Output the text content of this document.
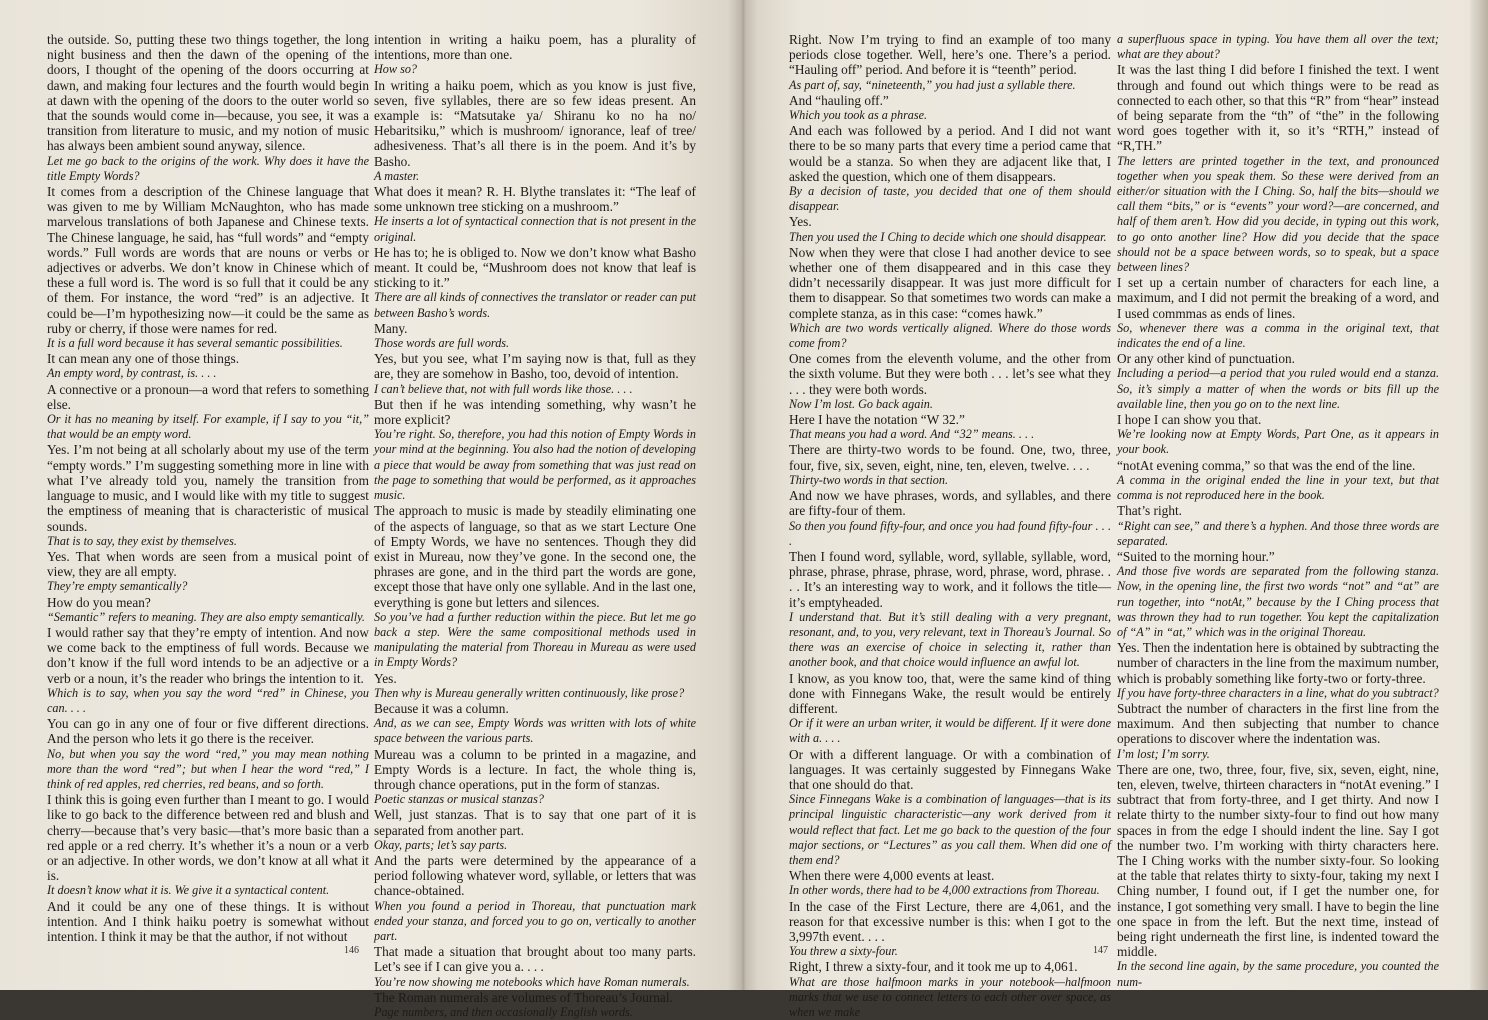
the outside. So, putting these two things together, the long night business and then the dawn of the opening of the doors, I thought of the opening of the doors occurring at dawn, and making four lectures and the fourth would begin at dawn with the opening of the doors to the outer world so that the sounds would come in—because, you see, it was a transition from literature to music, and my notion of music has always been ambient sound anyway, silence.

Let me go back to the origins of the work. Why does it have the title Empty Words?

It comes from a description of the Chinese language that was given to me by William McNaughton, who has made marvelous translations of both Japanese and Chinese texts. The Chinese language, he said, has “full words” and “empty words.” Full words are words that are nouns or verbs or adjectives or adverbs. We don’t know in Chinese which of these a full word is. The word is so full that it could be any of them. For instance, the word “red” is an adjective. It could be—I’m hypothesizing now—it could be the same as ruby or cherry, if those were names for red.

It is a full word because it has several semantic possibilities.

It can mean any one of those things.

An empty word, by contrast, is. . . .

A connective or a pronoun—a word that refers to something else.

Or it has no meaning by itself. For example, if I say to you “it,” that would be an empty word.

Yes. I’m not being at all scholarly about my use of the term “empty words.” I’m suggesting something more in line with what I’ve already told you, namely the transition from language to music, and I would like with my title to suggest the emptiness of meaning that is characteristic of musical sounds.

That is to say, they exist by themselves.

Yes. That when words are seen from a musical point of view, they are all empty.

They’re empty semantically?

How do you mean?

“Semantic” refers to meaning. They are also empty semantically.

I would rather say that they’re empty of intention. And now we come back to the emptiness of full words. Because we don’t know if the full word intends to be an adjective or a verb or a noun, it’s the reader who brings the intention to it.

Which is to say, when you say the word “red” in Chinese, you can. . . .

You can go in any one of four or five different directions. And the person who lets it go there is the receiver.

No, but when you say the word “red,” you may mean nothing more than the word “red”; but when I hear the word “red,” I think of red apples, red cherries, red beans, and so forth.

I think this is going even further than I meant to go. I would like to go back to the difference between red and blush and cherry—because that’s very basic—that’s more basic than a red apple or a red cherry. It’s whether it’s a noun or a verb or an adjective. In other words, we don’t know at all what it is.

It doesn’t know what it is. We give it a syntactical content.

And it could be any one of these things. It is without intention. And I think haiku poetry is somewhat without intention. I think it may be that the author, if not without

intention in writing a haiku poem, has a plurality of intentions, more than one.

How so?

In writing a haiku poem, which as you know is just five, seven, five syllables, there are so few ideas present. An example is: “Matsutake ya/ Shiranu ko no ha no/ Hebaritsiku,” which is mushroom/ ignorance, leaf of tree/ adhesiveness. That’s all there is in the poem. And it’s by Basho.

A master.

What does it mean? R. H. Blythe translates it: “The leaf of some unknown tree sticking on a mushroom.”

He inserts a lot of syntactical connection that is not present in the original.

He has to; he is obliged to. Now we don’t know what Basho meant. It could be, “Mushroom does not know that leaf is sticking to it.”

There are all kinds of connectives the translator or reader can put between Basho’s words.

Many.

Those words are full words.

Yes, but you see, what I’m saying now is that, full as they are, they are somehow in Basho, too, devoid of intention.

I can’t believe that, not with full words like those. . . .

But then if he was intending something, why wasn’t he more explicit?

You’re right. So, therefore, you had this notion of Empty Words in your mind at the beginning. You also had the notion of developing a piece that would be away from something that was just read on the page to something that would be performed, as it approaches music.

The approach to music is made by steadily eliminating one of the aspects of language, so that as we start Lecture One of Empty Words, we have no sentences. Though they did exist in Mureau, now they’ve gone. In the second one, the phrases are gone, and in the third part the words are gone, except those that have only one syllable. And in the last one, everything is gone but letters and silences.

So you’ve had a further reduction within the piece. But let me go back a step. Were the same compositional methods used in manipulating the material from Thoreau in Mureau as were used in Empty Words?

Yes.

Then why is Mureau generally written continuously, like prose?

Because it was a column.

And, as we can see, Empty Words was written with lots of white space between the various parts.

Mureau was a column to be printed in a magazine, and Empty Words is a lecture. In fact, the whole thing is, through chance operations, put in the form of stanzas.

Poetic stanzas or musical stanzas?

Well, just stanzas. That is to say that one part of it is separated from another part.

Okay, parts; let’s say parts.

And the parts were determined by the appearance of a period following whatever word, syllable, or letters that was chance-obtained.

When you found a period in Thoreau, that punctuation mark ended your stanza, and forced you to go on, vertically to another part.

That made a situation that brought about too many parts. Let’s see if I can give you a. . . .

You’re now showing me notebooks which have Roman numerals.

The Roman numerals are volumes of Thoreau’s Journal.

Page numbers, and then occasionally English words.

146

Right. Now I’m trying to find an example of too many periods close together. Well, here’s one. There’s a period. “Hauling off” period. And before it is “teenth” period.

As part of, say, “nineteenth,” you had just a syllable there.

And “hauling off.”

Which you took as a phrase.

And each was followed by a period. And I did not want there to be so many parts that every time a period came that would be a stanza. So when they are adjacent like that, I asked the question, which one of them disappears.

By a decision of taste, you decided that one of them should disappear.

Yes.

Then you used the I Ching to decide which one should disappear.

Now when they were that close I had another device to see whether one of them disappeared and in this case they didn’t necessarily disappear. It was just more difficult for them to disappear. So that sometimes two words can make a complete stanza, as in this case: “comes hawk.”

Which are two words vertically aligned. Where do those words come from?

One comes from the eleventh volume, and the other from the sixth volume. But they were both . . . let’s see what they . . . they were both words.

Now I’m lost. Go back again.

Here I have the notation “W 32.”

That means you had a word. And “32” means. . . .

There are thirty-two words to be found. One, two, three, four, five, six, seven, eight, nine, ten, eleven, twelve. . . .

Thirty-two words in that section.

And now we have phrases, words, and syllables, and there are fifty-four of them.

So then you found fifty-four, and once you had found fifty-four . . . .

Then I found word, syllable, word, syllable, syllable, word, phrase, phrase, phrase, phrase, word, phrase, word, phrase. . . . It’s an interesting way to work, and it follows the title—it’s emptyheaded.

I understand that. But it’s still dealing with a very pregnant, resonant, and, to you, very relevant, text in Thoreau’s Journal. So there was an exercise of choice in selecting it, rather than another book, and that choice would influence an awful lot.

I know, as you know too, that, were the same kind of thing done with Finnegans Wake, the result would be entirely different.

Or if it were an urban writer, it would be different. If it were done with a. . . .

Or with a different language. Or with a combination of languages. It was certainly suggested by Finnegans Wake that one should do that.

Since Finnegans Wake is a combination of languages—that is its principal linguistic characteristic—any work derived from it would reflect that fact. Let me go back to the question of the four major sections, or “Lectures” as you call them. When did one of them end?

When there were 4,000 events at least.

In other words, there had to be 4,000 extractions from Thoreau.

In the case of the First Lecture, there are 4,061, and the reason for that excessive number is this: when I got to the 3,997th event. . . .

You threw a sixty-four.

Right, I threw a sixty-four, and it took me up to 4,061.

What are those halfmoon marks in your notebook—halfmoon marks that we use to connect letters to each other over space, as when we make

a superfluous space in typing. You have them all over the text; what are they about?

It was the last thing I did before I finished the text. I went through and found out which things were to be read as connected to each other, so that this “R” from “hear” instead of being separate from the “th” of “the” in the following word goes together with it, so it’s “RTH,” instead of “R,TH.”

The letters are printed together in the text, and pronounced together when you speak them. So these were derived from an either/or situation with the I Ching. So, half the bits—should we call them “bits,” or is “events” your word?—are concerned, and half of them aren’t. How did you decide, in typing out this work, to go onto another line? How did you decide that the space should not be a space between words, so to speak, but a space between lines?

I set up a certain number of characters for each line, a maximum, and I did not permit the breaking of a word, and I used commmas as ends of lines.

So, whenever there was a comma in the original text, that indicates the end of a line.

Or any other kind of punctuation.

Including a period—a period that you ruled would end a stanza. So, it’s simply a matter of when the words or bits fill up the available line, then you go on to the next line.

I hope I can show you that.

We’re looking now at Empty Words, Part One, as it appears in your book.

“notAt evening comma,” so that was the end of the line.

A comma in the original ended the line in your text, but that comma is not reproduced here in the book.

That’s right.

“Right can see,” and there’s a hyphen. And those three words are separated.

“Suited to the morning hour.”

And those five words are separated from the following stanza. Now, in the opening line, the first two words “not” and “at” are run together, into “notAt,” because by the I Ching process that was thrown they had to run together. You kept the capitalization of “A” in “at,” which was in the original Thoreau.

Yes. Then the indentation here is obtained by subtracting the number of characters in the line from the maximum number, which is probably something like forty-two or forty-three.

If you have forty-three characters in a line, what do you subtract?

Subtract the number of characters in the first line from the maximum. And then subjecting that number to chance operations to discover where the indentation was.

I’m lost; I’m sorry.

There are one, two, three, four, five, six, seven, eight, nine, ten, eleven, twelve, thirteen characters in “notAt evening.” I subtract that from forty-three, and I get thirty. And now I relate thirty to the number sixty-four to find out how many spaces in from the edge I should indent the line. Say I got the number two. I’m working with thirty characters here. The I Ching works with the number sixty-four. So looking at the table that relates thirty to sixty-four, taking my next I Ching number, I found out, if I get the number one, for instance, I got something very small. I have to begin the line one space in from the left. But the next time, instead of being right underneath the first line, is indented toward the middle.

In the second line again, by the same procedure, you counted the num-

147
